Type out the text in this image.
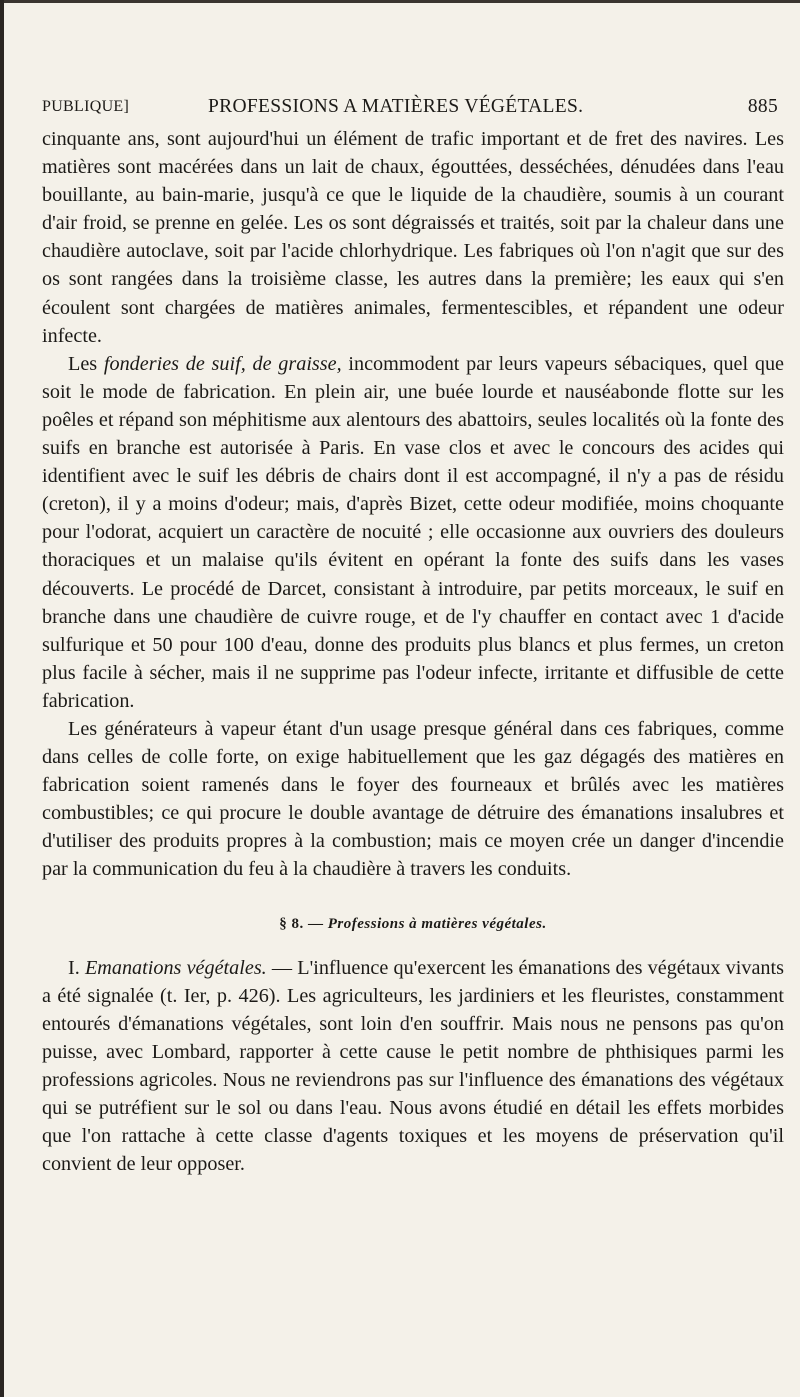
PUBLIQUE]	PROFESSIONS A MATIÈRES VÉGÉTALES.	885

cinquante ans, sont aujourd'hui un élément de trafic important et de fret des navires. Les matières sont macérées dans un lait de chaux, égouttées, desséchées, dénudées dans l'eau bouillante, au bain-marie, jusqu'à ce que le liquide de la chaudière, soumis à un courant d'air froid, se prenne en gelée. Les os sont dégraissés et traités, soit par la chaleur dans une chaudière autoclave, soit par l'acide chlorhydrique. Les fabriques où l'on n'agit que sur des os sont rangées dans la troisième classe, les autres dans la première; les eaux qui s'en écoulent sont chargées de matières animales, fermentescibles, et répandent une odeur infecte.

Les fonderies de suif, de graisse, incommodent par leurs vapeurs sébaciques, quel que soit le mode de fabrication. En plein air, une buée lourde et nauséabonde flotte sur les poêles et répand son méphitisme aux alentours des abattoirs, seules localités où la fonte des suifs en branche est autorisée à Paris. En vase clos et avec le concours des acides qui identifient avec le suif les débris de chairs dont il est accompagné, il n'y a pas de résidu (creton), il y a moins d'odeur; mais, d'après Bizet, cette odeur modifiée, moins choquante pour l'odorat, acquiert un caractère de nocuité ; elle occasionne aux ouvriers des douleurs thoraciques et un malaise qu'ils évitent en opérant la fonte des suifs dans les vases découverts. Le procédé de Darcet, consistant à introduire, par petits morceaux, le suif en branche dans une chaudière de cuivre rouge, et de l'y chauffer en contact avec 1 d'acide sulfurique et 50 pour 100 d'eau, donne des produits plus blancs et plus fermes, un creton plus facile à sécher, mais il ne supprime pas l'odeur infecte, irritante et diffusible de cette fabrication.

Les générateurs à vapeur étant d'un usage presque général dans ces fabriques, comme dans celles de colle forte, on exige habituellement que les gaz dégagés des matières en fabrication soient ramenés dans le foyer des fourneaux et brûlés avec les matières combustibles; ce qui procure le double avantage de détruire des émanations insalubres et d'utiliser des produits propres à la combustion; mais ce moyen crée un danger d'incendie par la communication du feu à la chaudière à travers les conduits.

§ 8. — Professions à matières végétales.

I. Emanations végétales. — L'influence qu'exercent les émanations des végétaux vivants a été signalée (t. Ier, p. 426). Les agriculteurs, les jardiniers et les fleuristes, constamment entourés d'émanations végétales, sont loin d'en souffrir. Mais nous ne pensons pas qu'on puisse, avec Lombard, rapporter à cette cause le petit nombre de phthisiques parmi les professions agricoles. Nous ne reviendrons pas sur l'influence des émanations des végétaux qui se putréfient sur le sol ou dans l'eau. Nous avons étudié en détail les effets morbides que l'on rattache à cette classe d'agents toxiques et les moyens de préservation qu'il convient de leur opposer.
